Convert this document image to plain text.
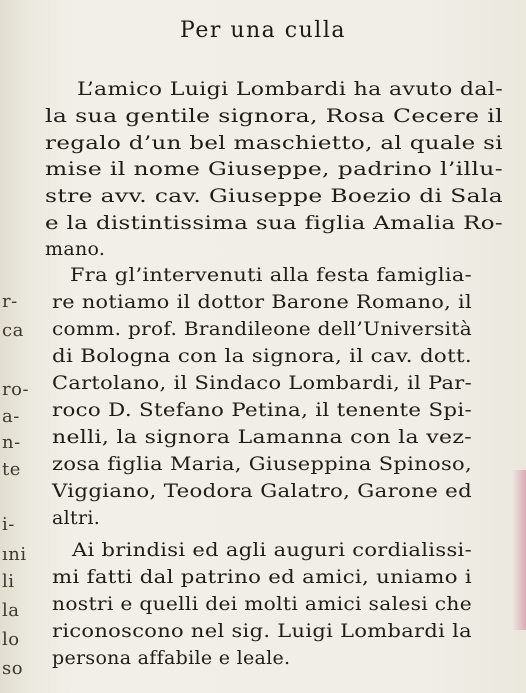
r-
ca
ro-
a-
n-
te
i-
ıni
li
la
lo
so
Per una culla
L’amico Luigi Lombardi ha avuto dal-
la sua gentile signora, Rosa Cecere il
regalo d’un bel maschietto, al quale si
mise il nome Giuseppe, padrino l’illu-
stre avv. cav. Giuseppe Boezio di Sala
e la distintissima sua figlia Amalia Ro-
mano.
Fra gl’intervenuti alla festa famiglia-
re notiamo il dottor Barone Romano, il
comm. prof. Brandileone dell’Università
di Bologna con la signora, il cav. dott.
Cartolano, il Sindaco Lombardi, il Par-
roco D. Stefano Petina, il tenente Spi-
nelli, la signora Lamanna con la vez-
zosa figlia Maria, Giuseppina Spinoso,
Viggiano, Teodora Galatro, Garone ed
altri.
Ai brindisi ed agli auguri cordialissi-
mi fatti dal patrino ed amici, uniamo i
nostri e quelli dei molti amici salesi che
riconoscono nel sig. Luigi Lombardi la
persona affabile e leale.
